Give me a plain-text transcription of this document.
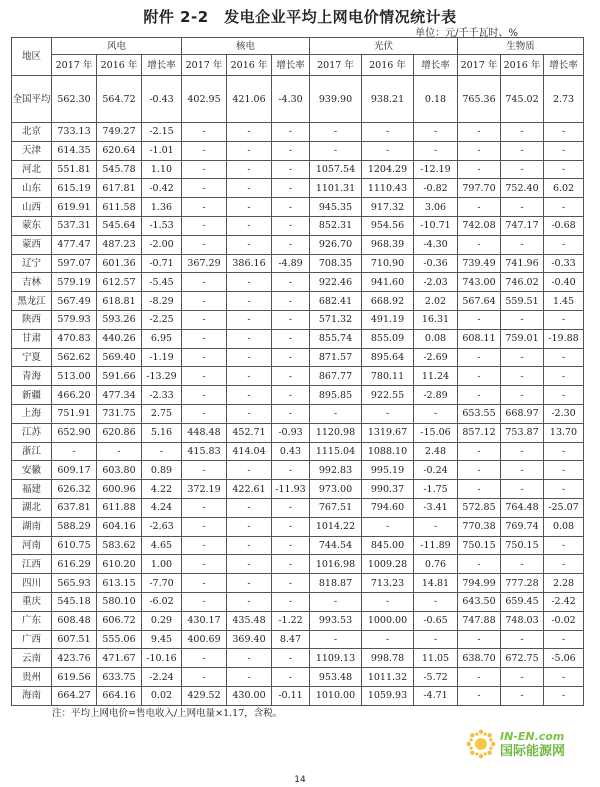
附件 2-2　发电企业平均上网电价情况统计表
单位：元/千千瓦时、%
地区	风电			核电			光伏			生物质		
	2017 年	2016 年	增长率	2017 年	2016 年	增长率	2017 年	2016 年	增长率	2017 年	2016 年	增长率
全国平均	562.30	564.72	-0.43	402.95	421.06	-4.30	939.90	938.21	0.18	765.36	745.02	2.73
北京	733.13	749.27	-2.15	-	-	-	-	-	-	-	-	-
天津	614.35	620.64	-1.01	-	-	-	-	-	-	-	-	-
河北	551.81	545.78	1.10	-	-	-	1057.54	1204.29	-12.19	-	-	-
山东	615.19	617.81	-0.42	-	-	-	1101.31	1110.43	-0.82	797.70	752.40	6.02
山西	619.91	611.58	1.36	-	-	-	945.35	917.32	3.06	-	-	-
蒙东	537.31	545.64	-1.53	-	-	-	852.31	954.56	-10.71	742.08	747.17	-0.68
蒙西	477.47	487.23	-2.00	-	-	-	926.70	968.39	-4.30	-	-	-
辽宁	597.07	601.36	-0.71	367.29	386.16	-4.89	708.35	710.90	-0.36	739.49	741.96	-0.33
吉林	579.19	612.57	-5.45	-	-	-	922.46	941.60	-2.03	743.00	746.02	-0.40
黑龙江	567.49	618.81	-8.29	-	-	-	682.41	668.92	2.02	567.64	559.51	1.45
陕西	579.93	593.26	-2.25	-	-	-	571.32	491.19	16.31	-	-	-
甘肃	470.83	440.26	6.95	-	-	-	855.74	855.09	0.08	608.11	759.01	-19.88
宁夏	562.62	569.40	-1.19	-	-	-	871.57	895.64	-2.69	-	-	-
青海	513.00	591.66	-13.29	-	-	-	867.77	780.11	11.24	-	-	-
新疆	466.20	477.34	-2.33	-	-	-	895.85	922.55	-2.89	-	-	-
上海	751.91	731.75	2.75	-	-	-	-	-	-	653.55	668.97	-2.30
江苏	652.90	620.86	5.16	448.48	452.71	-0.93	1120.98	1319.67	-15.06	857.12	753.87	13.70
浙江	-	-	-	415.83	414.04	0.43	1115.04	1088.10	2.48	-	-	-
安徽	609.17	603.80	0.89	-	-	-	992.83	995.19	-0.24	-	-	-
福建	626.32	600.96	4.22	372.19	422.61	-11.93	973.00	990.37	-1.75	-	-	-
湖北	637.81	611.88	4.24	-	-	-	767.51	794.60	-3.41	572.85	764.48	-25.07
湖南	588.29	604.16	-2.63	-	-	-	1014.22	-	-	770.38	769.74	0.08
河南	610.75	583.62	4.65	-	-	-	744.54	845.00	-11.89	750.15	750.15	-
江西	616.29	610.20	1.00	-	-	-	1016.98	1009.28	0.76	-	-	-
四川	565.93	613.15	-7.70	-	-	-	818.87	713.23	14.81	794.99	777.28	2.28
重庆	545.18	580.10	-6.02	-	-	-	-	-	-	643.50	659.45	-2.42
广东	608.48	606.72	0.29	430.17	435.48	-1.22	993.53	1000.00	-0.65	747.88	748.03	-0.02
广西	607.51	555.06	9.45	400.69	369.40	8.47	-	-	-	-	-	-
云南	423.76	471.67	-10.16	-	-	-	1109.13	998.78	11.05	638.70	672.75	-5.06
贵州	619.56	633.75	-2.24	-	-	-	953.48	1011.32	-5.72	-	-	-
海南	664.27	664.16	0.02	429.52	430.00	-0.11	1010.00	1059.93	-4.71	-	-	-
注：平均上网电价=售电收入/上网电量×1.17，含税。
IN-EN.com
国际能源网
14
